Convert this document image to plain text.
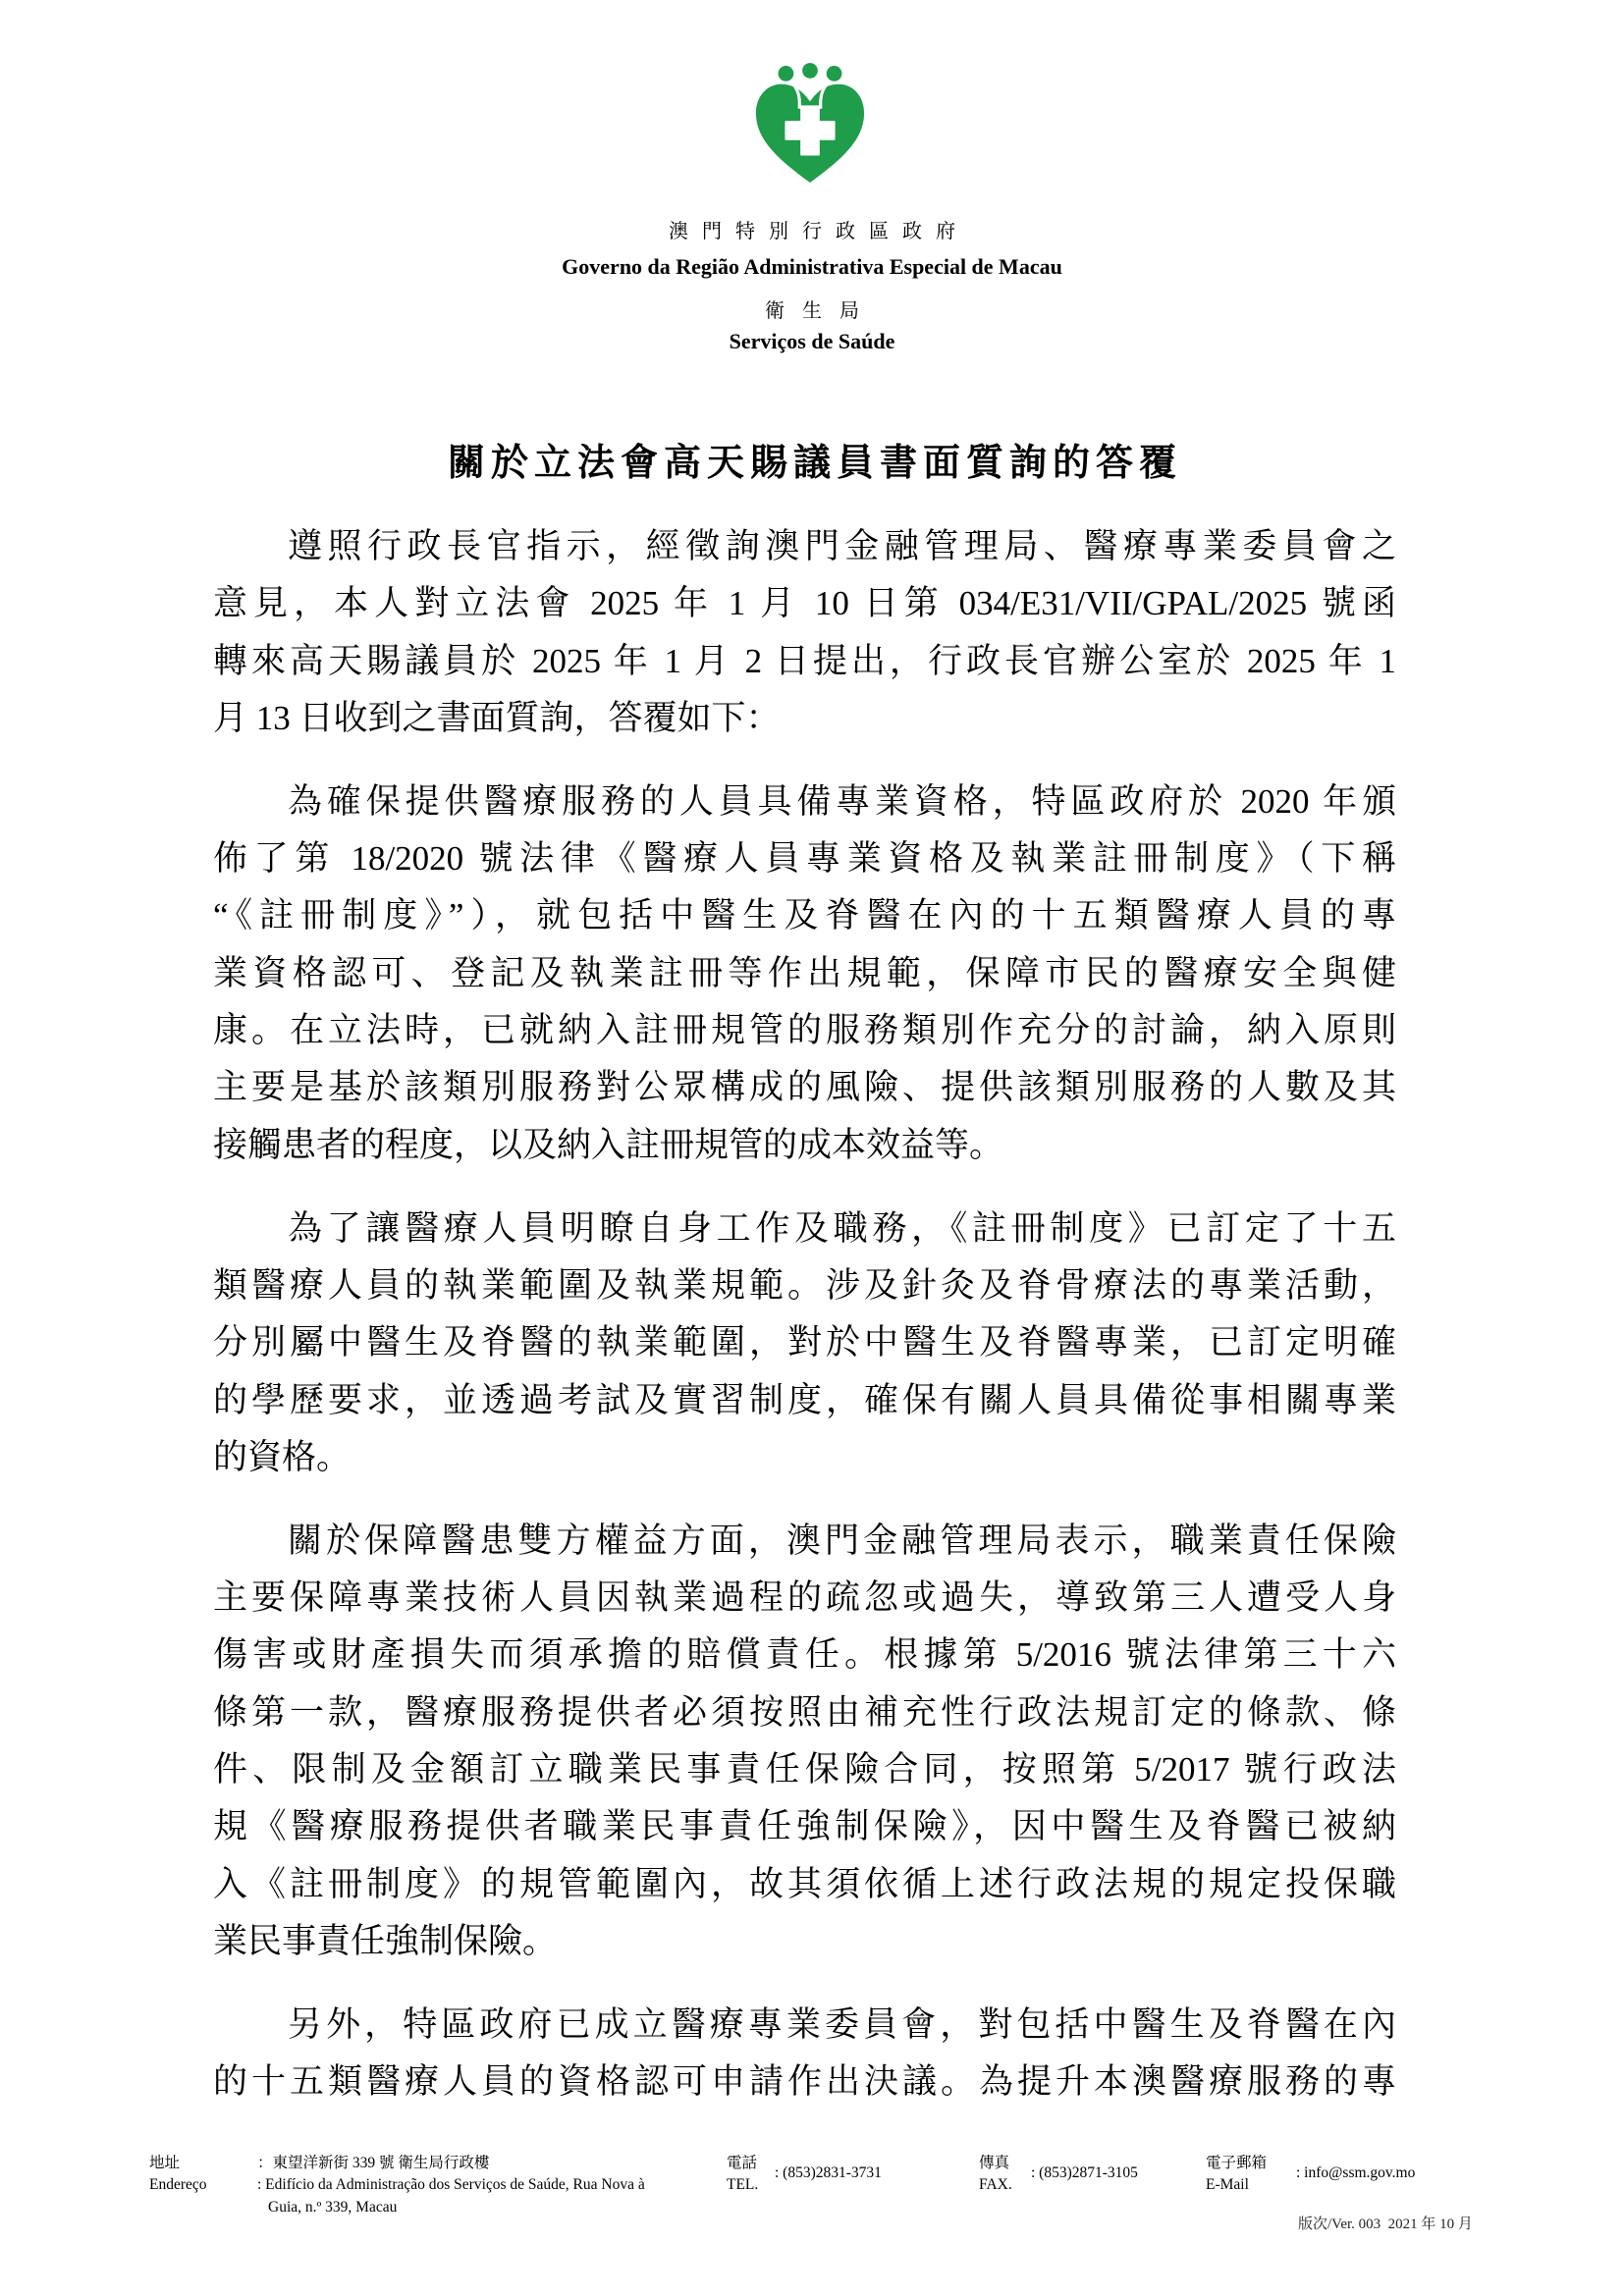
澳門特別行政區政府
Governo da Região Administrativa Especial de Macau
衛生局
Serviços de Saúde
關於立法會高天賜議員書面質詢的答覆
遵照行政長官指示，經徵詢澳門金融管理局、醫療專業委員會之
意見，本人對立法會 2025 年 1 月 10 日第 034/E31/VII/GPAL/2025 號函
轉來高天賜議員於 2025 年 1 月 2 日提出，行政長官辦公室於 2025 年 1
月 13 日收到之書面質詢，答覆如下：
為確保提供醫療服務的人員具備專業資格，特區政府於 2020 年頒
佈了第 18/2020 號法律《醫療人員專業資格及執業註冊制度》（下稱
“《註冊制度》”），就包括中醫生及脊醫在內的十五類醫療人員的專
業資格認可、登記及執業註冊等作出規範，保障市民的醫療安全與健
康。在立法時，已就納入註冊規管的服務類別作充分的討論，納入原則
主要是基於該類別服務對公眾構成的風險、提供該類別服務的人數及其
接觸患者的程度，以及納入註冊規管的成本效益等。
為了讓醫療人員明瞭自身工作及職務，《註冊制度》已訂定了十五
類醫療人員的執業範圍及執業規範。涉及針灸及脊骨療法的專業活動，
分別屬中醫生及脊醫的執業範圍，對於中醫生及脊醫專業，已訂定明確
的學歷要求，並透過考試及實習制度，確保有關人員具備從事相關專業
的資格。
關於保障醫患雙方權益方面，澳門金融管理局表示，職業責任保險
主要保障專業技術人員因執業過程的疏忽或過失，導致第三人遭受人身
傷害或財產損失而須承擔的賠償責任。根據第 5/2016 號法律第三十六
條第一款，醫療服務提供者必須按照由補充性行政法規訂定的條款、條
件、限制及金額訂立職業民事責任保險合同，按照第 5/2017 號行政法
規《醫療服務提供者職業民事責任強制保險》，因中醫生及脊醫已被納
入《註冊制度》的規管範圍內，故其須依循上述行政法規的規定投保職
業民事責任強制保險。
另外，特區政府已成立醫療專業委員會，對包括中醫生及脊醫在內
的十五類醫療人員的資格認可申請作出決議。為提升本澳醫療服務的專
地址
Endereço
：東望洋新街 339 號 衛生局行政樓
: Edifício da Administração dos Serviços de Saúde, Rua Nova à
Guia, n.º 339, Macau
電話
TEL.
: (853)2831-3731
傳真
FAX.
: (853)2871-3105
電子郵箱
E-Mail
: info@ssm.gov.mo
版次/Ver. 003  2021 年 10 月
